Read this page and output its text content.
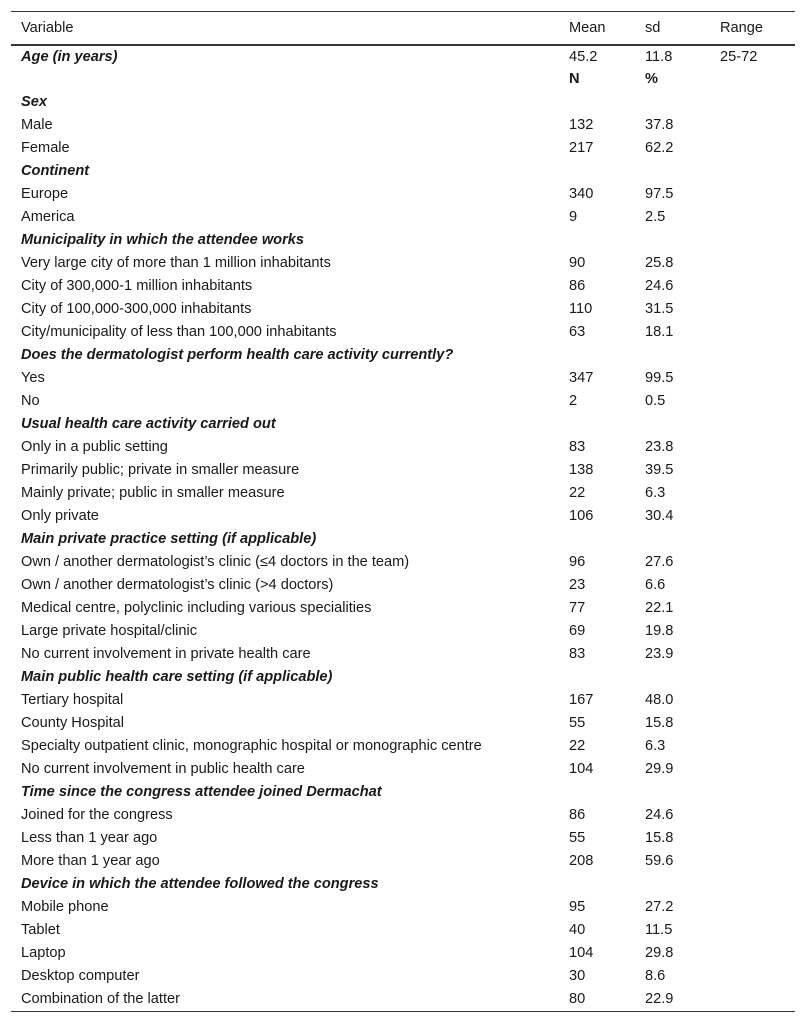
Variable	Mean	sd	Range
Age (in years)	45.2	11.8	25-72
	N	%	
Sex			
Male	132	37.8	
Female	217	62.2	
Continent			
Europe	340	97.5	
America	9	2.5	
Municipality in which the attendee works			
Very large city of more than 1 million inhabitants	90	25.8	
City of 300,000-1 million inhabitants	86	24.6	
City of 100,000-300,000 inhabitants	110	31.5	
City/municipality of less than 100,000 inhabitants	63	18.1	
Does the dermatologist perform health care activity currently?			
Yes	347	99.5	
No	2	0.5	
Usual health care activity carried out			
Only in a public setting	83	23.8	
Primarily public; private in smaller measure	138	39.5	
Mainly private; public in smaller measure	22	6.3	
Only private	106	30.4	
Main private practice setting (if applicable)			
Own / another dermatologist’s clinic (≤4 doctors in the team)	96	27.6	
Own / another dermatologist’s clinic (>4 doctors)	23	6.6	
Medical centre, polyclinic including various specialities	77	22.1	
Large private hospital/clinic	69	19.8	
No current involvement in private health care	83	23.9	
Main public health care setting (if applicable)			
Tertiary hospital	167	48.0	
County Hospital	55	15.8	
Specialty outpatient clinic, monographic hospital or monographic centre	22	6.3	
No current involvement in public health care	104	29.9	
Time since the congress attendee joined Dermachat			
Joined for the congress	86	24.6	
Less than 1 year ago	55	15.8	
More than 1 year ago	208	59.6	
Device in which the attendee followed the congress			
Mobile phone	95	27.2	
Tablet	40	11.5	
Laptop	104	29.8	
Desktop computer	30	8.6	
Combination of the latter	80	22.9	
